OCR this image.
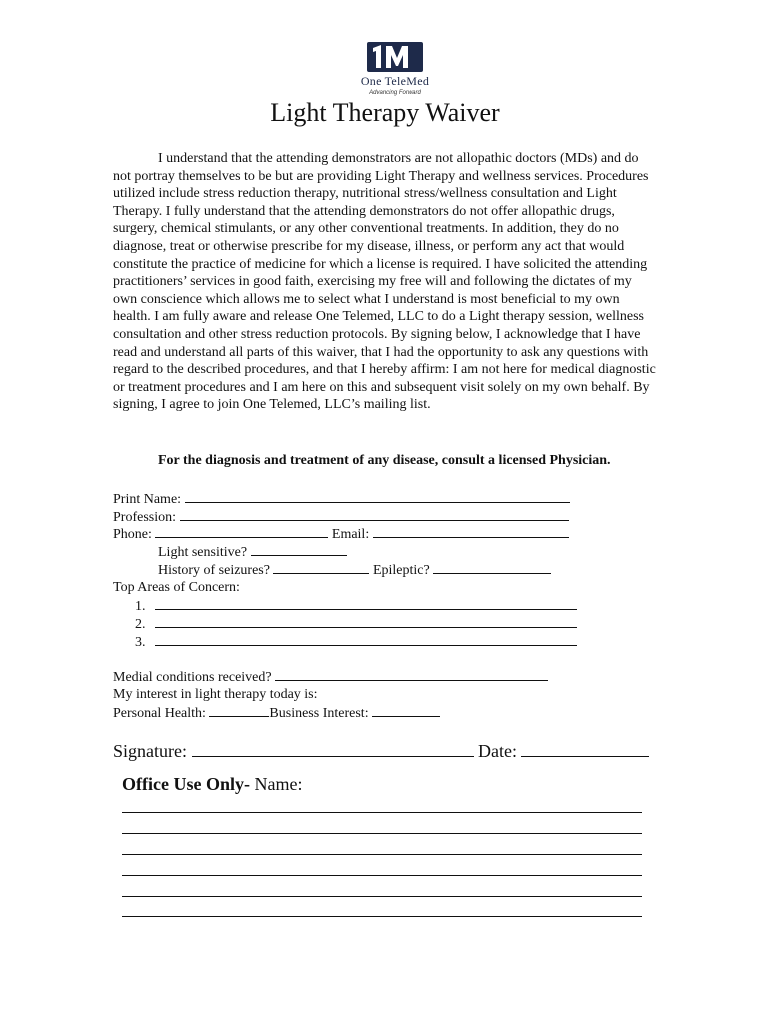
One TeleMed
Advancing Forward
Light Therapy Waiver

I understand that the attending demonstrators are not allopathic doctors (MDs) and do not portray themselves to be but are providing Light Therapy and wellness services. Procedures utilized include stress reduction therapy, nutritional stress/wellness consultation and Light Therapy. I fully understand that the attending demonstrators do not offer allopathic drugs, surgery, chemical stimulants, or any other conventional treatments. In addition, they do no diagnose, treat or otherwise prescribe for my disease, illness, or perform any act that would constitute the practice of medicine for which a license is required. I have solicited the attending practitioners’ services in good faith, exercising my free will and following the dictates of my own conscience which allows me to select what I understand is most beneficial to my own health. I am fully aware and release One Telemed, LLC to do a Light therapy session, wellness consultation and other stress reduction protocols. By signing below, I acknowledge that I have read and understand all parts of this waiver, that I had the opportunity to ask any questions with regard to the described procedures, and that I hereby affirm: I am not here for medical diagnostic or treatment procedures and I am here on this and subsequent visit solely on my own behalf. By signing, I agree to join One Telemed, LLC’s mailing list.

For the diagnosis and treatment of any disease, consult a licensed Physician.

Print Name:
Profession:
Phone:	Email:
Light sensitive?
History of seizures?	Epileptic?
Top Areas of Concern:
1.
2.
3.
Medial conditions received?
My interest in light therapy today is:
Personal Health:	Business Interest:
Signature:	Date:
Office Use Only- Name:
